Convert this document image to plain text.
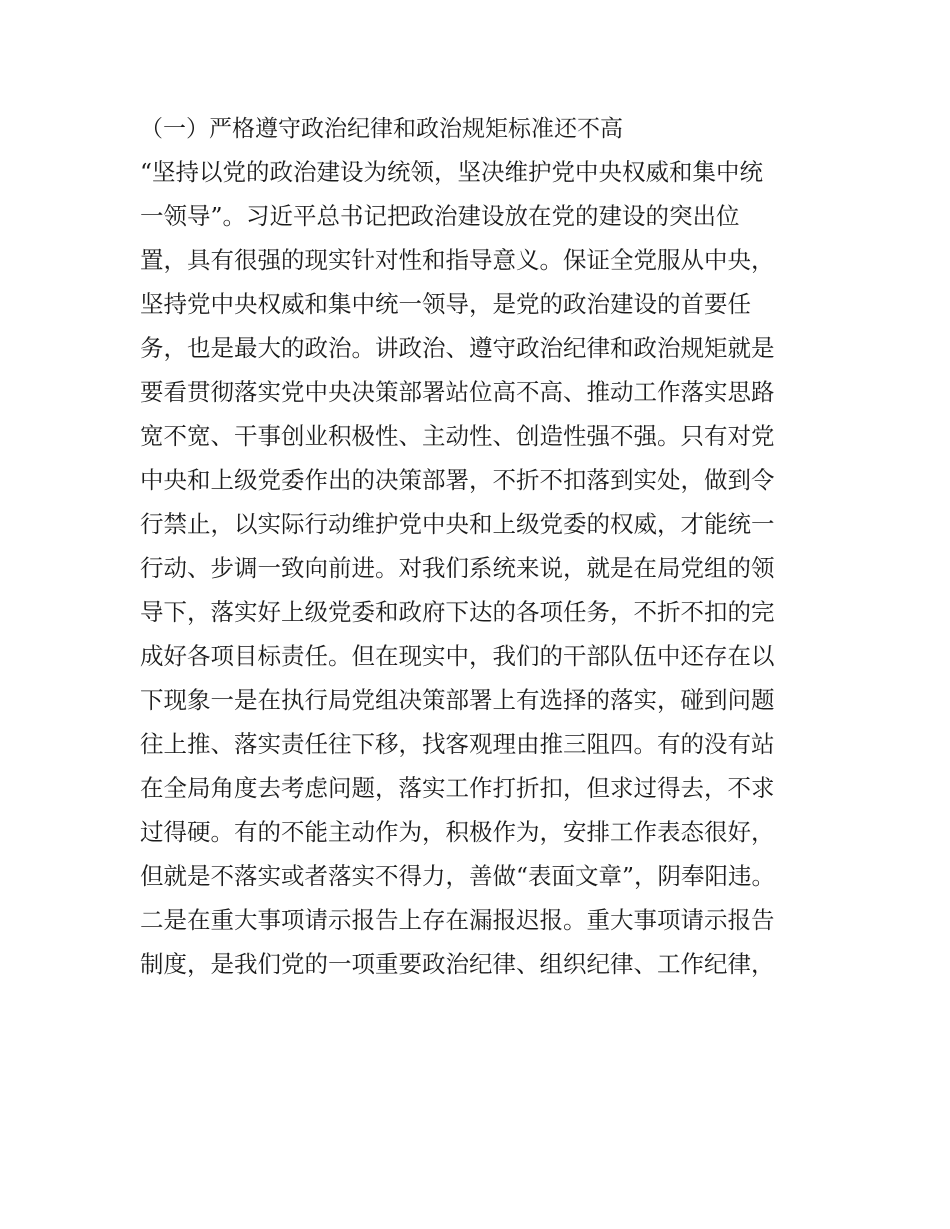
（一）严格遵守政治纪律和政治规矩标准还不高

“坚持以党的政治建设为统领，坚决维护党中央权威和集中统

一领导”。习近平总书记把政治建设放在党的建设的突出位

置，具有很强的现实针对性和指导意义。保证全党服从中央，

坚持党中央权威和集中统一领导，是党的政治建设的首要任

务，也是最大的政治。讲政治、遵守政治纪律和政治规矩就是

要看贯彻落实党中央决策部署站位高不高、推动工作落实思路

宽不宽、干事创业积极性、主动性、创造性强不强。只有对党

中央和上级党委作出的决策部署，不折不扣落到实处，做到令

行禁止，以实际行动维护党中央和上级党委的权威，才能统一

行动、步调一致向前进。对我们系统来说，就是在局党组的领

导下，落实好上级党委和政府下达的各项任务，不折不扣的完

成好各项目标责任。但在现实中，我们的干部队伍中还存在以

下现象一是在执行局党组决策部署上有选择的落实，碰到问题

往上推、落实责任往下移，找客观理由推三阻四。有的没有站

在全局角度去考虑问题，落实工作打折扣，但求过得去，不求

过得硬。有的不能主动作为，积极作为，安排工作表态很好，

但就是不落实或者落实不得力，善做“表面文章”，阴奉阳违。

二是在重大事项请示报告上存在漏报迟报。重大事项请示报告

制度，是我们党的一项重要政治纪律、组织纪律、工作纪律，
